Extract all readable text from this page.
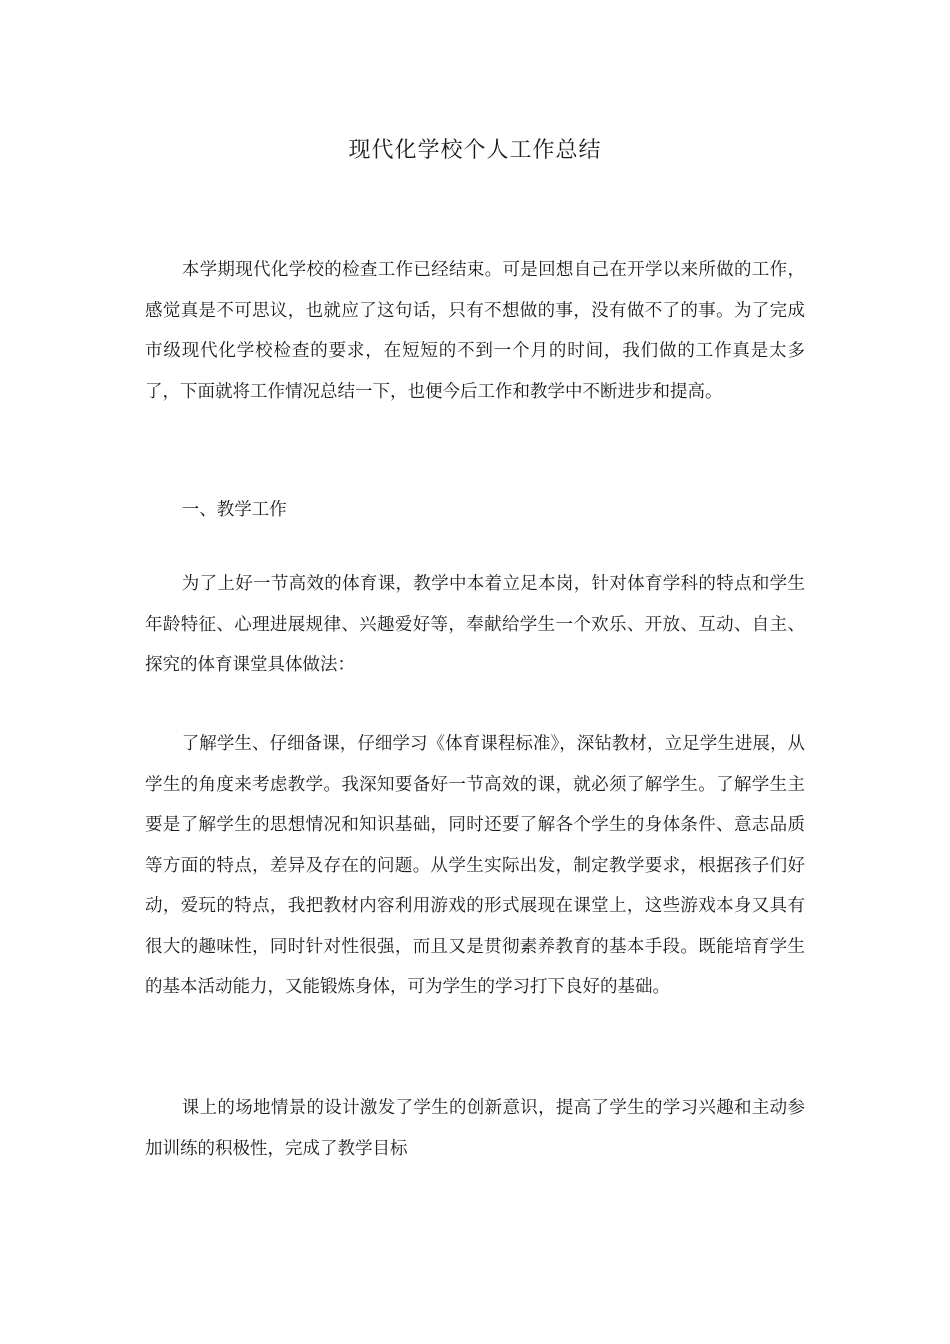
现代化学校个人工作总结

本学期现代化学校的检查工作已经结束。可是回想自己在开学以来所做的工作，感觉真是不可思议，也就应了这句话，只有不想做的事，没有做不了的事。为了完成市级现代化学校检查的要求，在短短的不到一个月的时间，我们做的工作真是太多了，下面就将工作情况总结一下，也便今后工作和教学中不断进步和提高。

一、教学工作

为了上好一节高效的体育课，教学中本着立足本岗，针对体育学科的特点和学生年龄特征、心理进展规律、兴趣爱好等，奉献给学生一个欢乐、开放、互动、自主、探究的体育课堂具体做法：

了解学生、仔细备课，仔细学习《体育课程标准》，深钻教材，立足学生进展，从学生的角度来考虑教学。我深知要备好一节高效的课，就必须了解学生。了解学生主要是了解学生的思想情况和知识基础，同时还要了解各个学生的身体条件、意志品质等方面的特点，差异及存在的问题。从学生实际出发，制定教学要求，根据孩子们好动，爱玩的特点，我把教材内容利用游戏的形式展现在课堂上，这些游戏本身又具有很大的趣味性，同时针对性很强，而且又是贯彻素养教育的基本手段。既能培育学生的基本活动能力，又能锻炼身体，可为学生的学习打下良好的基础。

课上的场地情景的设计激发了学生的创新意识，提高了学生的学习兴趣和主动参加训练的积极性，完成了教学目标
